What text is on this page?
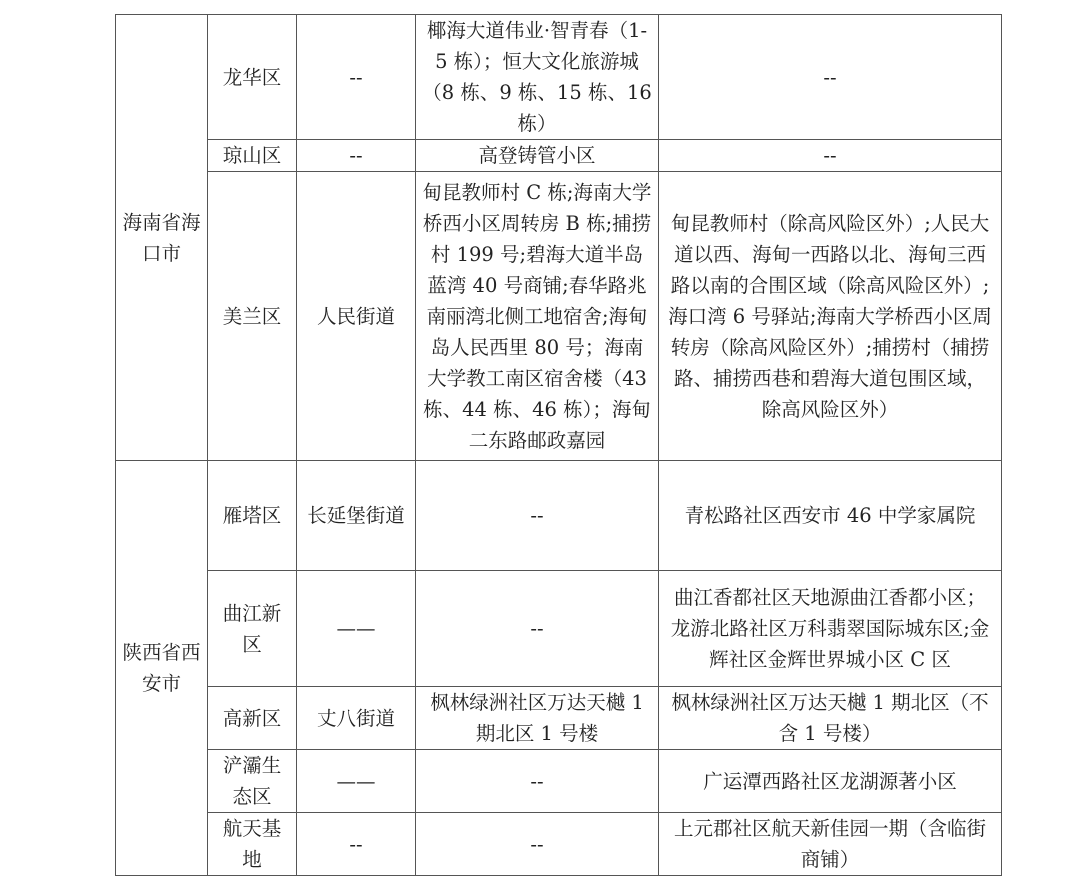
海南省海口市	龙华区	--	椰海大道伟业·智青春（1-5 栋）；恒大文化旅游城（8 栋、9 栋、15 栋、16 栋）	--
	琼山区	--	高登铸管小区	--
	美兰区	人民街道	甸昆教师村 C 栋;海南大学桥西小区周转房 B 栋;捕捞村 199 号;碧海大道半岛蓝湾 40 号商铺;春华路兆南丽湾北侧工地宿舍;海甸岛人民西里 80 号；海南大学教工南区宿舍楼（43 栋、44 栋、46 栋）；海甸二东路邮政嘉园	甸昆教师村（除高风险区外）;人民大道以西、海甸一西路以北、海甸三西路以南的合围区域（除高风险区外）;海口湾 6 号驿站;海南大学桥西小区周转房（除高风险区外）;捕捞村（捕捞路、捕捞西巷和碧海大道包围区域，除高风险区外）
陕西省西安市	雁塔区	长延堡街道	--	青松路社区西安市 46 中学家属院
	曲江新区	——	--	曲江香都社区天地源曲江香都小区；龙游北路社区万科翡翠国际城东区;金辉社区金辉世界城小区 C 区
	高新区	丈八街道	枫林绿洲社区万达天樾 1 期北区 1 号楼	枫林绿洲社区万达天樾 1 期北区（不含 1 号楼）
	浐灞生态区	——	--	广运潭西路社区龙湖源著小区
	航天基地	--	--	上元郡社区航天新佳园一期（含临街商铺）
